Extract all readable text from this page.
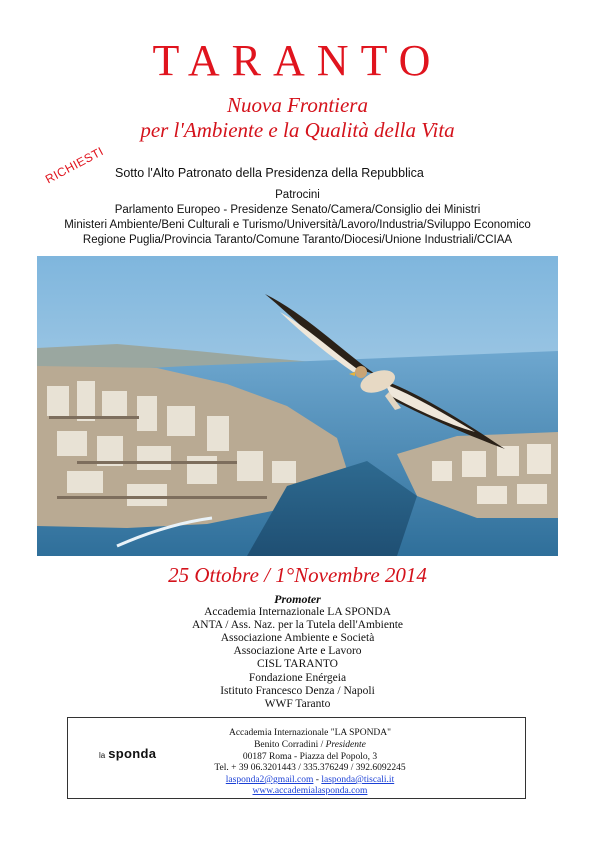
TARANTO
Nuova Frontiera
per l'Ambiente e la Qualità della Vita
RICHIESTI Sotto l'Alto Patronato della Presidenza della Repubblica
Patrocini
Parlamento Europeo - Presidenze Senato/Camera/Consiglio dei Ministri
Ministeri Ambiente/Beni Culturali e Turismo/Università/Lavoro/Industria/Sviluppo Economico
Regione Puglia/Provincia Taranto/Comune Taranto/Diocesi/Unione Industriali/CCIAA
25 Ottobre / 1°Novembre 2014
Promoter
Accademia Internazionale LA SPONDA
ANTA / Ass. Naz. per la Tutela dell'Ambiente
Associazione Ambiente e Società
Associazione Arte e Lavoro
CISL TARANTO
Fondazione Enérgeia
Istituto Francesco Denza / Napoli
WWF Taranto
la sponda
Accademia Internazionale "LA SPONDA"
Benito Corradini / Presidente
00187 Roma - Piazza del Popolo, 3
Tel. + 39 06.3201443 / 335.376249 / 392.6092245
lasponda2@gmail.com - lasponda@tiscali.it
www.accademialasponda.com
